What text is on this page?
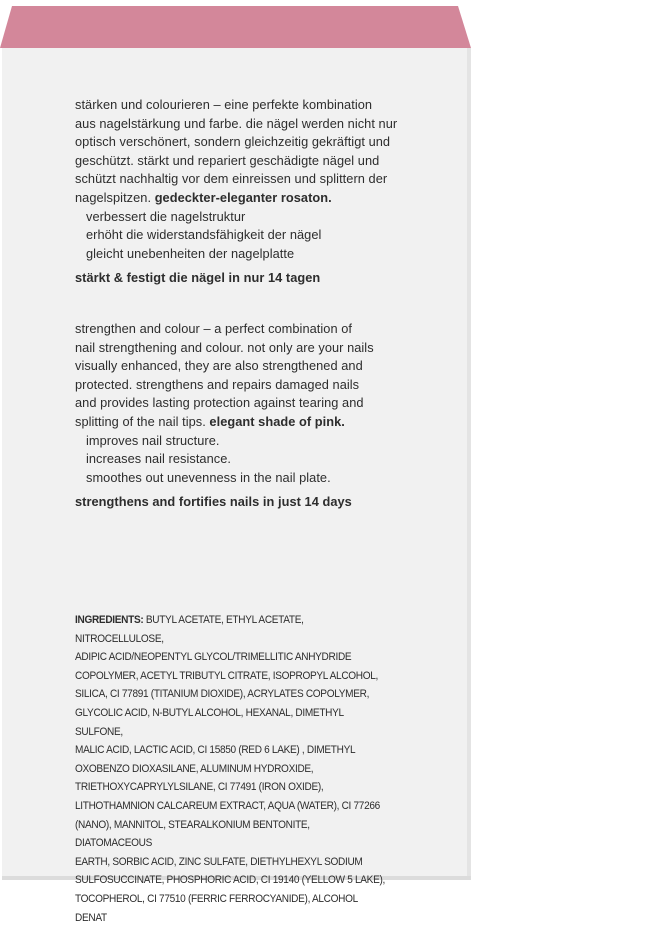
stärken und colourieren – eine perfekte kombination
aus nagelstärkung und farbe. die nägel werden nicht nur
optisch verschönert, sondern gleichzeitig gekräftigt und
geschützt. stärkt und repariert geschädigte nägel und
schützt nachhaltig vor dem einreissen und splittern der
nagelspitzen. gedeckter-eleganter rosaton.

verbessert die nagelstruktur
erhöht die widerstandsfähigkeit der nägel
gleicht unebenheiten der nagelplatte
stärkt & festigt die nägel in nur 14 tagen

strengthen and colour – a perfect combination of
nail strengthening and colour. not only are your nails
visually enhanced, they are also strengthened and
protected. strengthens and repairs damaged nails
and provides lasting protection against tearing and
splitting of the nail tips. elegant shade of pink.

improves nail structure.
increases nail resistance.
smoothes out unevenness in the nail plate.
strengthens and fortifies nails in just 14 days
INGREDIENTS: BUTYL ACETATE, ETHYL ACETATE, NITROCELLULOSE,
ADIPIC ACID/NEOPENTYL GLYCOL/TRIMELLITIC ANHYDRIDE
COPOLYMER, ACETYL TRIBUTYL CITRATE, ISOPROPYL ALCOHOL,
SILICA, CI 77891 (TITANIUM DIOXIDE), ACRYLATES COPOLYMER,
GLYCOLIC ACID, N-BUTYL ALCOHOL, HEXANAL, DIMETHYL SULFONE,
MALIC ACID, LACTIC ACID, CI 15850 (RED 6 LAKE) , DIMETHYL
OXOBENZO DIOXASILANE, ALUMINUM HYDROXIDE,
TRIETHOXYCAPRYLYLSILANE, CI 77491 (IRON OXIDE),
LITHOTHAMNION CALCAREUM EXTRACT, AQUA (WATER), CI 77266
(NANO), MANNITOL, STEARALKONIUM BENTONITE, DIATOMACEOUS
EARTH, SORBIC ACID, ZINC SULFATE, DIETHYLHEXYL SODIUM
SULFOSUCCINATE, PHOSPHORIC ACID, CI 19140 (YELLOW 5 LAKE),
TOCOPHEROL, CI 77510 (FERRIC FERROCYANIDE), ALCOHOL DENAT
